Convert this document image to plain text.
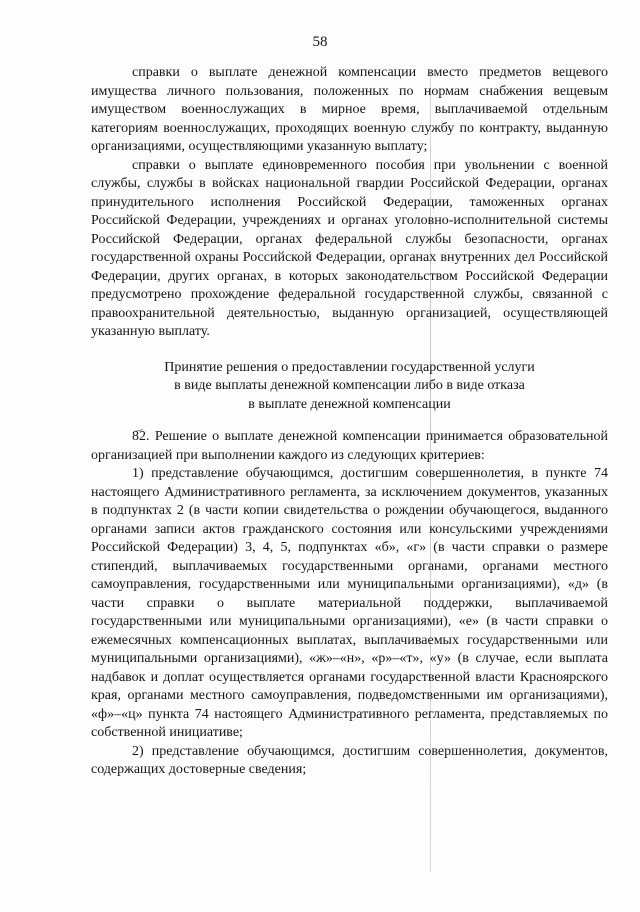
58

справки о выплате денежной компенсации вместо предметов вещевого имущества личного пользования, положенных по нормам снабжения вещевым имуществом военнослужащих в мирное время, выплачиваемой отдельным категориям военнослужащих, проходящих военную службу по контракту, выданную организациями, осуществляющими указанную выплату;

справки о выплате единовременного пособия при увольнении с военной службы, службы в войсках национальной гвардии Российской Федерации, органах принудительного исполнения Российской Федерации, таможенных органах Российской Федерации, учреждениях и органах уголовно-исполнительной системы Российской Федерации, органах федеральной службы безопасности, органах государственной охраны Российской Федерации, органах внутренних дел Российской Федерации, других органах, в которых законодательством Российской Федерации предусмотрено прохождение федеральной государственной службы, связанной с правоохранительной деятельностью, выданную организацией, осуществляющей указанную выплату.

Принятие решения о предоставлении государственной услуги
в виде выплаты денежной компенсации либо в виде отказа
в выплате денежной компенсации

82. Решение о выплате денежной компенсации принимается образовательной организацией при выполнении каждого из следующих критериев:

1) представление обучающимся, достигшим совершеннолетия, в пункте 74 настоящего Административного регламента, за исключением документов, указанных в подпунктах 2 (в части копии свидетельства о рождении обучающегося, выданного органами записи актов гражданского состояния или консульскими учреждениями Российской Федерации) 3, 4, 5, подпунктах «б», «г» (в части справки о размере стипендий, выплачиваемых государственными органами, органами местного самоуправления, государственными или муниципальными организациями), «д» (в части справки о выплате материальной поддержки, выплачиваемой государственными или муниципальными организациями), «е» (в части справки о ежемесячных компенсационных выплатах, выплачиваемых государственными или муниципальными организациями), «ж»–«н», «р»–«т», «у» (в случае, если выплата надбавок и доплат осуществляется органами государственной власти Красноярского края, органами местного самоуправления, подведомственными им организациями), «ф»–«ц» пункта 74 настоящего Административного регламента, представляемых по собственной инициативе;

2) представление обучающимся, достигшим совершеннолетия, документов, содержащих достоверные сведения;
